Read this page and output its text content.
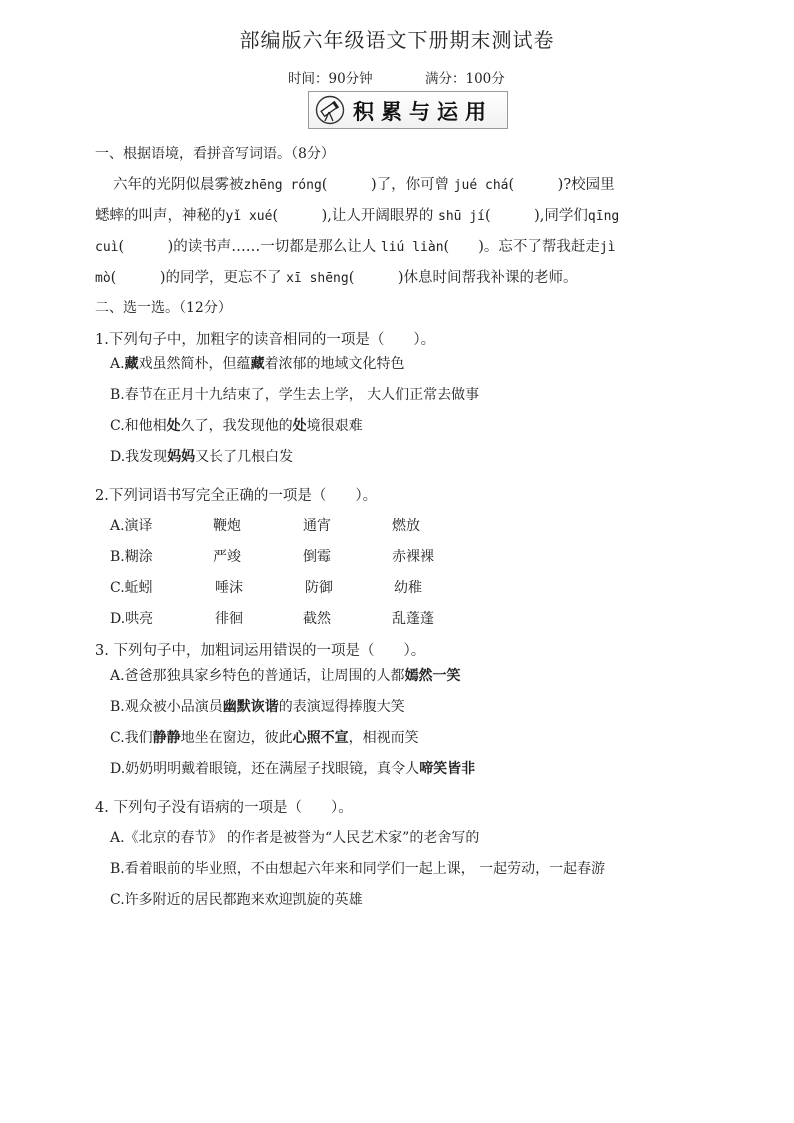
部编版六年级语文下册期末测试卷
时间：90分钟	满分：100分
积累与运用
一、根据语境，看拼音写词语。（8分）
六年的光阴似晨雾被zhēng róng(　　　)了，你可曾 jué chá(　　　)?校园里
蟋蟀的叫声，神秘的yǐ xué(　　　),让人开阔眼界的 shū jí(　　　),同学们qīng
cuì(　　　)的读书声……一切都是那么让人 liú liàn(　　)。忘不了帮我赶走jì
mò(　　　)的同学，更忘不了 xī shēng(　　　)休息时间帮我补课的老师。
二、选一选。（12分）
1.下列句子中，加粗字的读音相同的一项是（　　）。
A.藏戏虽然简朴，但蕴藏着浓郁的地域文化特色
B.春节在正月十九结束了，学生去上学， 大人们正常去做事
C.和他相处久了，我发现他的处境很艰难
D.我发现妈妈又长了几根白发
2.下列词语书写完全正确的一项是（　　）。
A.演译	鞭炮	通宵	燃放
B.糊涂	严竣	倒霉	赤裸裸
C.蚯蚓	唾沫	防御	幼稚
D.哄亮	徘徊	截然	乱蓬蓬
3. 下列句子中，加粗词运用错误的一项是（　　）。
A.爸爸那独具家乡特色的普通话，让周围的人都嫣然一笑
B.观众被小品演员幽默诙谐的表演逗得捧腹大笑
C.我们静静地坐在窗边，彼此心照不宣，相视而笑
D.奶奶明明戴着眼镜，还在满屋子找眼镜，真令人啼笑皆非
4. 下列句子没有语病的一项是（　　）。
A.《北京的春节》 的作者是被誉为“人民艺术家”的老舍写的
B.看着眼前的毕业照，不由想起六年来和同学们一起上课， 一起劳动，一起春游
C.许多附近的居民都跑来欢迎凯旋的英雄
